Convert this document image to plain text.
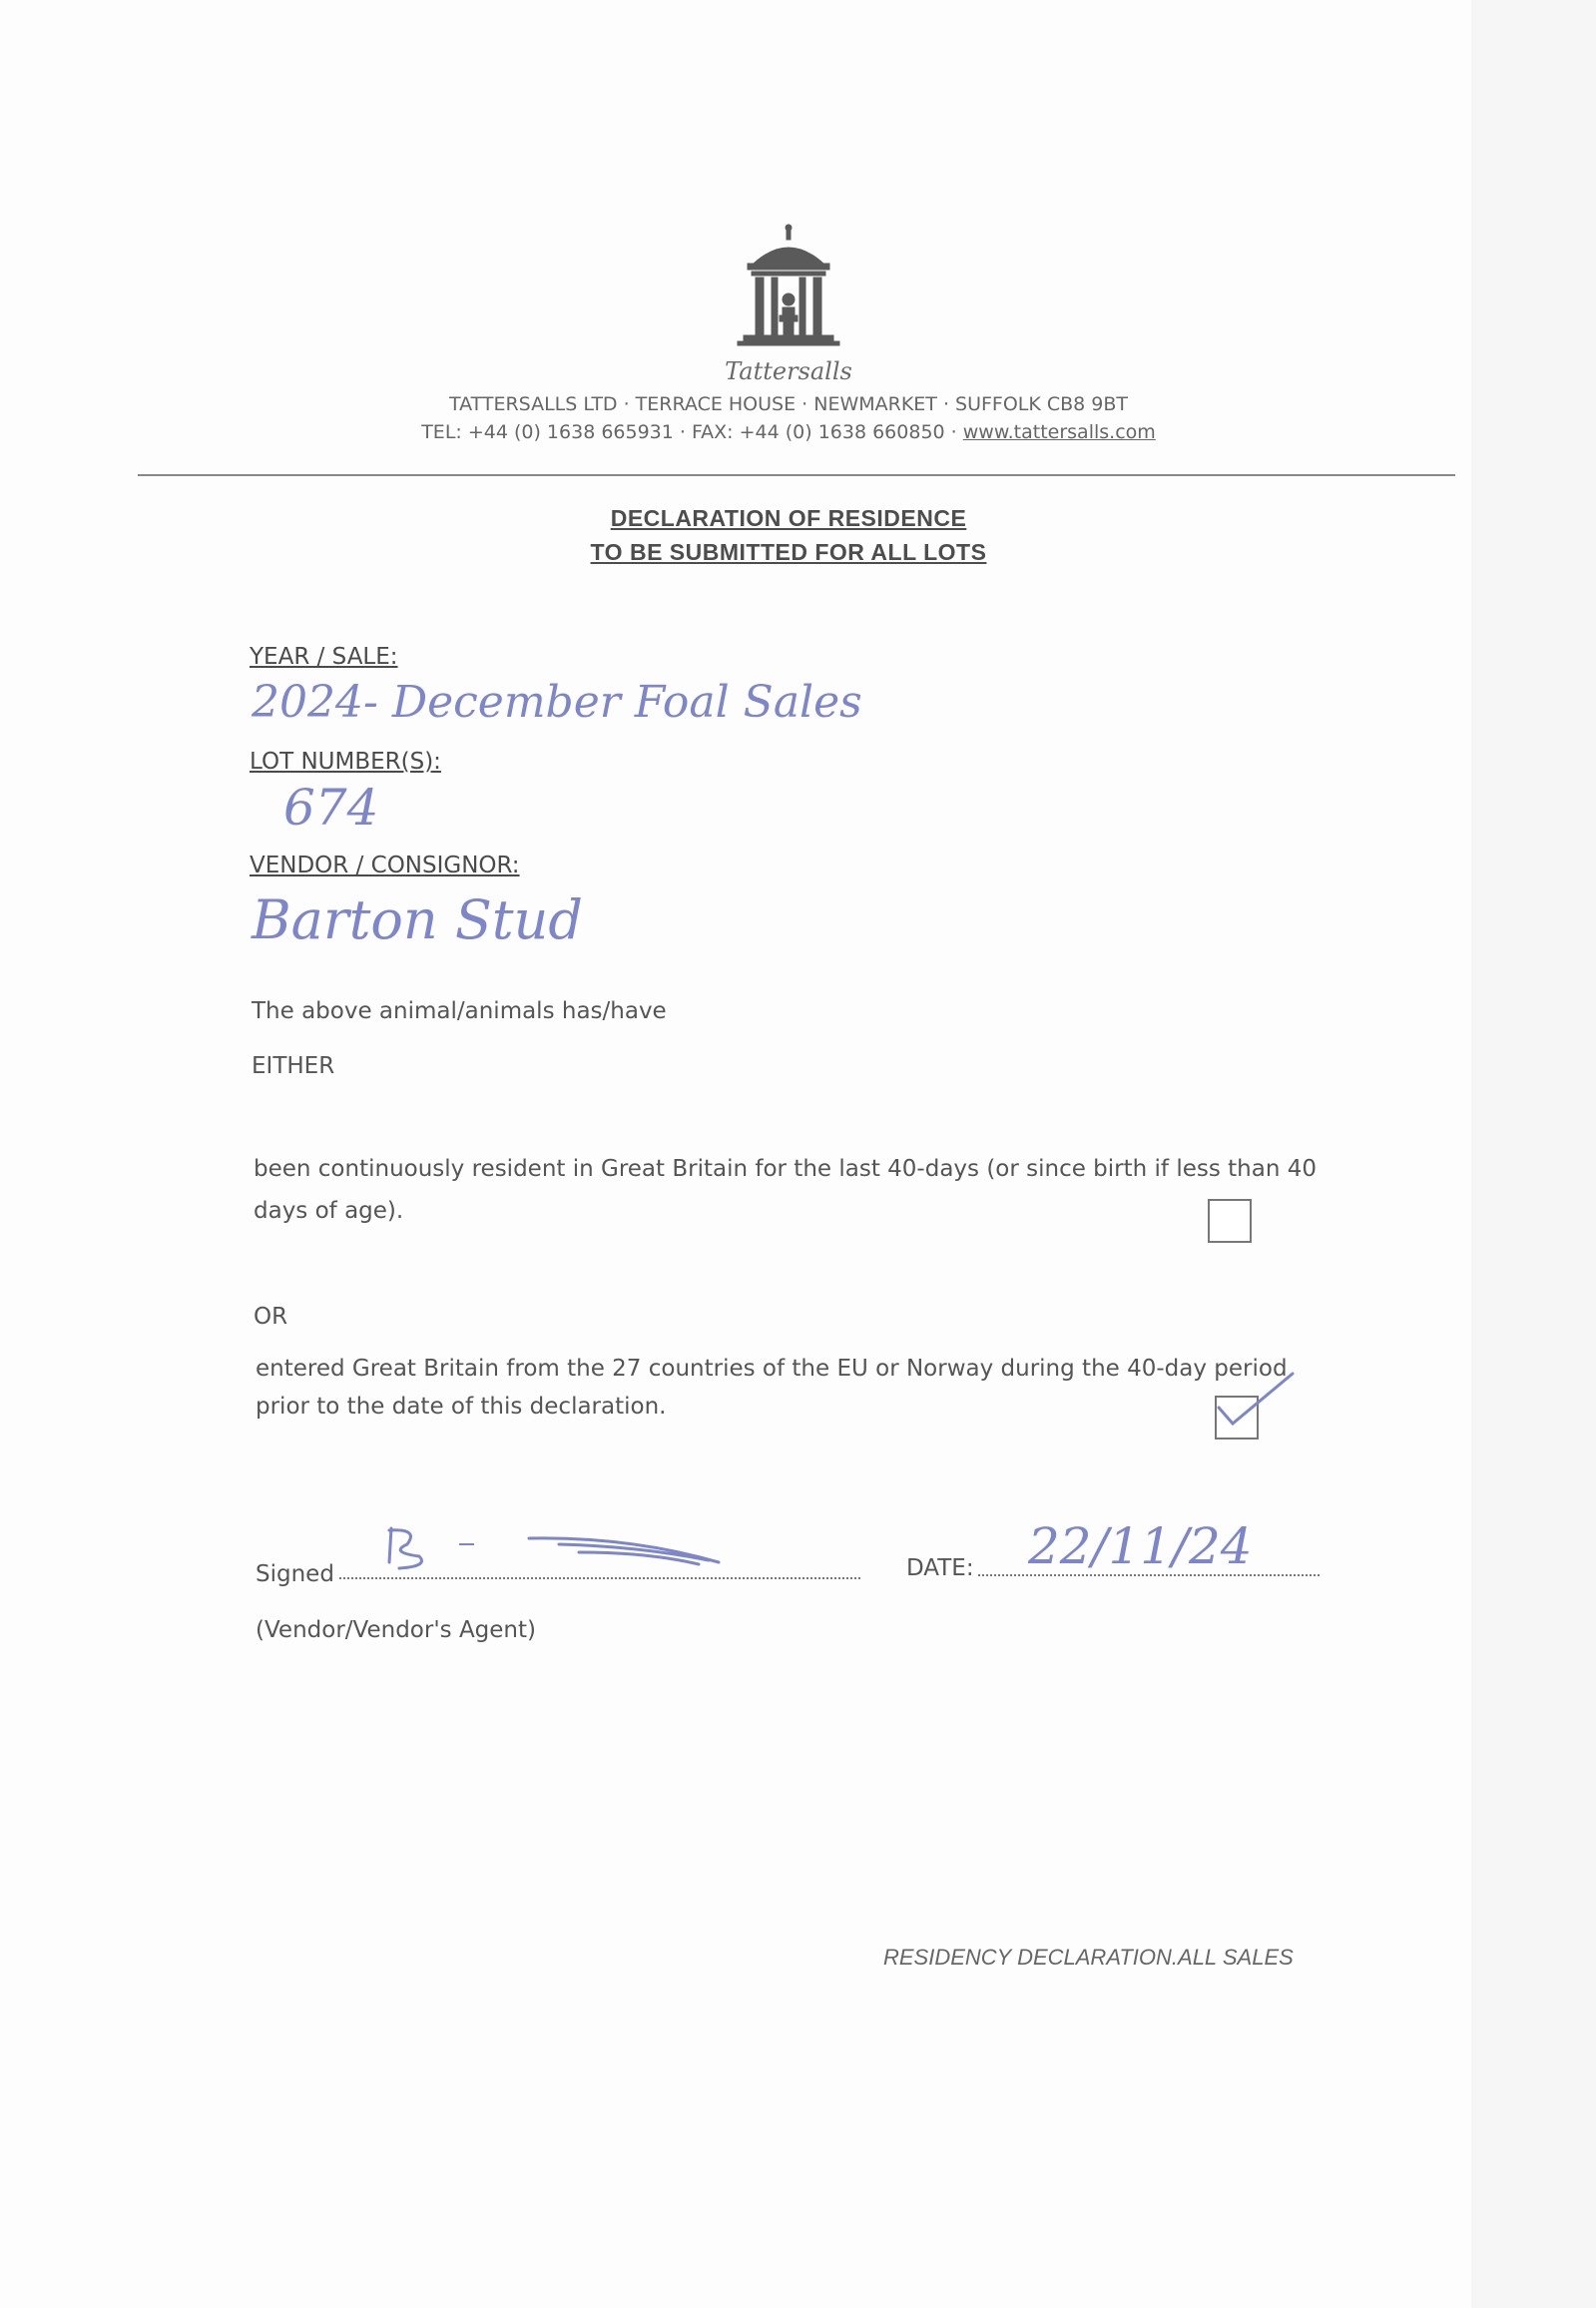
Tattersalls
TATTERSALLS LTD · TERRACE HOUSE · NEWMARKET · SUFFOLK CB8 9BT
TEL: +44 (0) 1638 665931 · FAX: +44 (0) 1638 660850 · www.tattersalls.com
DECLARATION OF RESIDENCE
TO BE SUBMITTED FOR ALL LOTS
YEAR / SALE:
2024- December Foal Sales
LOT NUMBER(S):
674
VENDOR / CONSIGNOR:
Barton Stud
The above animal/animals has/have
EITHER
been continuously resident in Great Britain for the last 40-days (or since birth if less than 40
days of age).
OR
entered Great Britain from the 27 countries of the EU or Norway during the 40-day period
prior to the date of this declaration.
Signed	DATE: 22/11/24
(Vendor/Vendor's Agent)
RESIDENCY DECLARATION.ALL SALES
